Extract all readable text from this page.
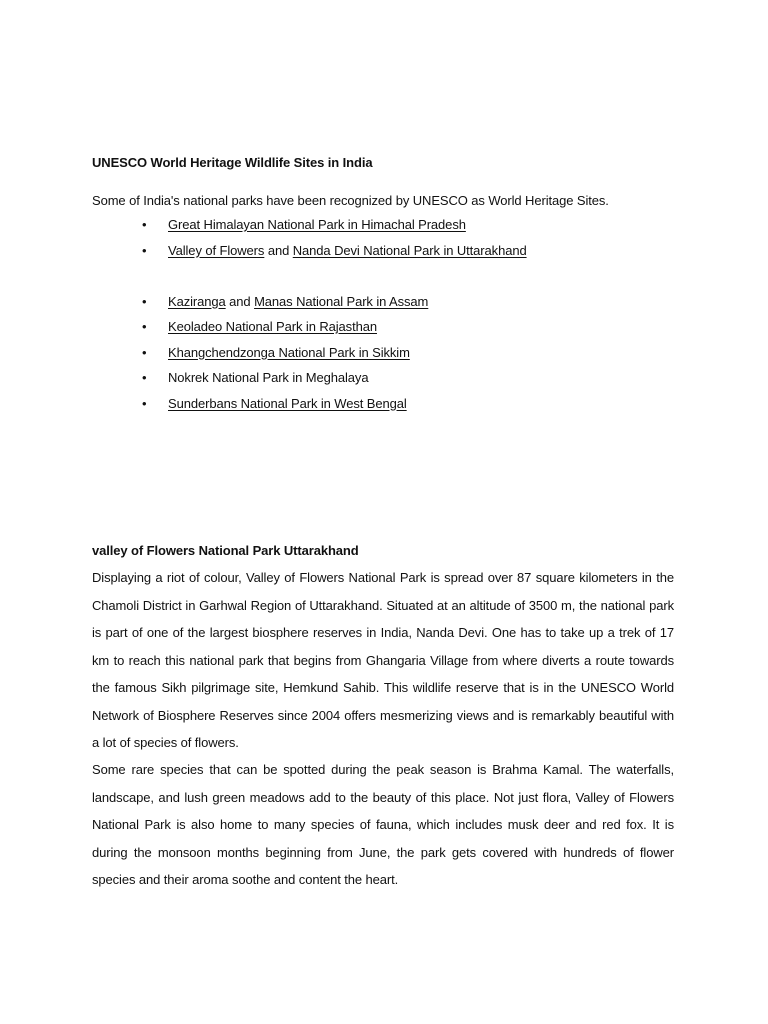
UNESCO World Heritage Wildlife Sites in India
Some of India's national parks have been recognized by UNESCO as World Heritage Sites.
• Great Himalayan National Park in Himachal Pradesh
• Valley of Flowers and Nanda Devi National Park in Uttarakhand
• Kaziranga and Manas National Park in Assam
• Keoladeo National Park in Rajasthan
• Khangchendzonga National Park in Sikkim
• Nokrek National Park in Meghalaya
• Sunderbans National Park in West Bengal
valley of Flowers National Park Uttarakhand

Displaying a riot of colour, Valley of Flowers National Park is spread over 87 square kilometers in the Chamoli District in Garhwal Region of Uttarakhand. Situated at an altitude of 3500 m, the national park is part of one of the largest biosphere reserves in India, Nanda Devi. One has to take up a trek of 17 km to reach this national park that begins from Ghangaria Village from where diverts a route towards the famous Sikh pilgrimage site, Hemkund Sahib. This wildlife reserve that is in the UNESCO World Network of Biosphere Reserves since 2004 offers mesmerizing views and is remarkably beautiful with a lot of species of flowers.

Some rare species that can be spotted during the peak season is Brahma Kamal. The waterfalls, landscape, and lush green meadows add to the beauty of this place. Not just flora, Valley of Flowers National Park is also home to many species of fauna, which includes musk deer and red fox. It is during the monsoon months beginning from June, the park gets covered with hundreds of flower species and their aroma soothe and content the heart.
